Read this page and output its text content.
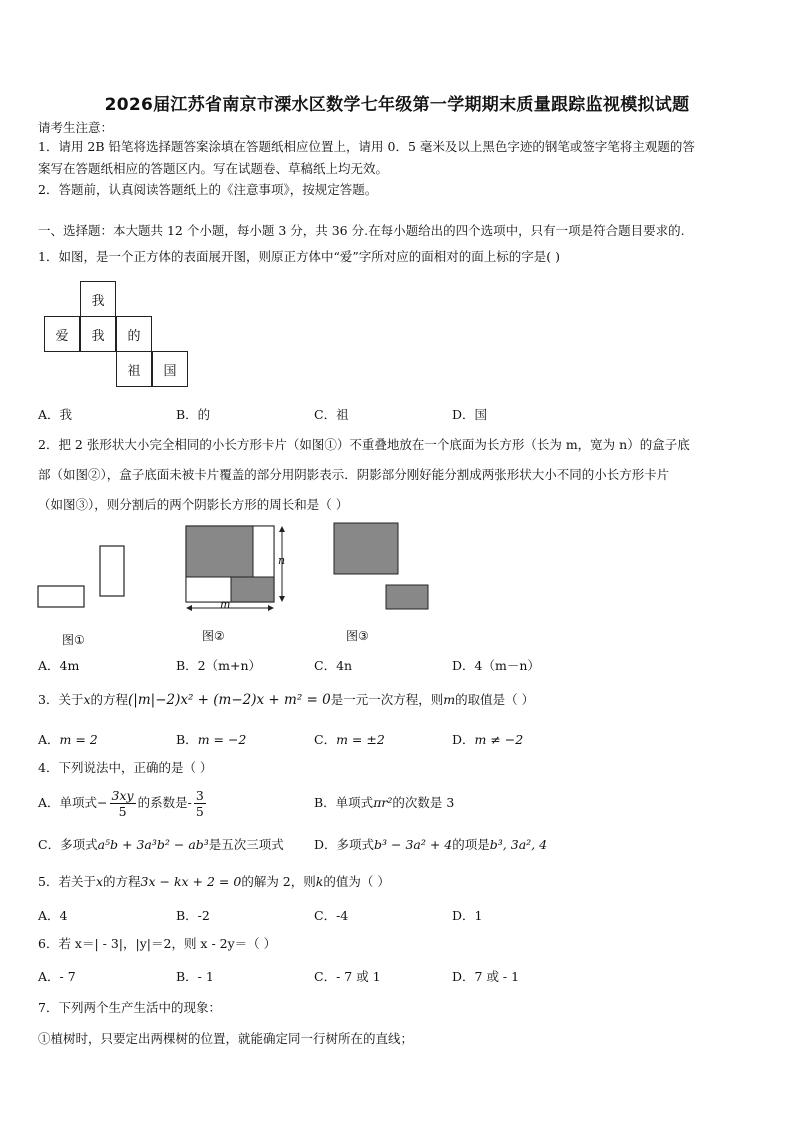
2026届江苏省南京市溧水区数学七年级第一学期期末质量跟踪监视模拟试题
请考生注意：
1．请用 2B 铅笔将选择题答案涂填在答题纸相应位置上，请用 0．5 毫米及以上黑色字迹的钢笔或签字笔将主观题的答
案写在答题纸相应的答题区内。写在试题卷、草稿纸上均无效。
2．答题前，认真阅读答题纸上的《注意事项》，按规定答题。
一、选择题：本大题共 12 个小题，每小题 3 分，共 36 分.在每小题给出的四个选项中，只有一项是符合题目要求的.
1．如图，是一个正方体的表面展开图，则原正方体中“爱”字所对应的面相对的面上标的字是( )
我
爱	我	的
祖	国
A．我	B．的	C．祖	D．国
2．把 2 张形状大小完全相同的小长方形卡片（如图①）不重叠地放在一个底面为长方形（长为 m，宽为 n）的盒子底
部（如图②），盒子底面未被卡片覆盖的部分用阴影表示．阴影部分刚好能分割成两张形状大小不同的小长方形卡片
（如图③），则分割后的两个阴影长方形的周长和是（ ）
n
m
图①	图②	图③
A．4m	B．2（m+n）	C．4n	D．4（m－n）
3．关于x的方程(|m|−2)x² + (m−2)x + m² = 0是一元一次方程，则m的取值是（ ）
A．m = 2	B．m = −2	C．m = ±2	D．m ≠ −2
4．下列说法中，正确的是（ ）
A．单项式− $\frac{3xy}{5}$ 的系数是- $\frac{3}{5}$	B．单项式πr²的次数是 3
C．多项式a⁵b + 3a³b² − ab³是五次三项式 D．多项式b³ − 3a² + 4的项是b³, 3a², 4
5．若关于x的方程3x − kx + 2 = 0的解为 2，则k的值为（ ）
A．4	B．-2	C．-4	D．1
6．若 x＝| - 3|，|y|＝2，则 x - 2y＝（ ）
A．- 7	B．- 1	C．- 7 或 1	D．7 或 - 1
7．下列两个生产生活中的现象：
①植树时，只要定出两棵树的位置，就能确定同一行树所在的直线；
